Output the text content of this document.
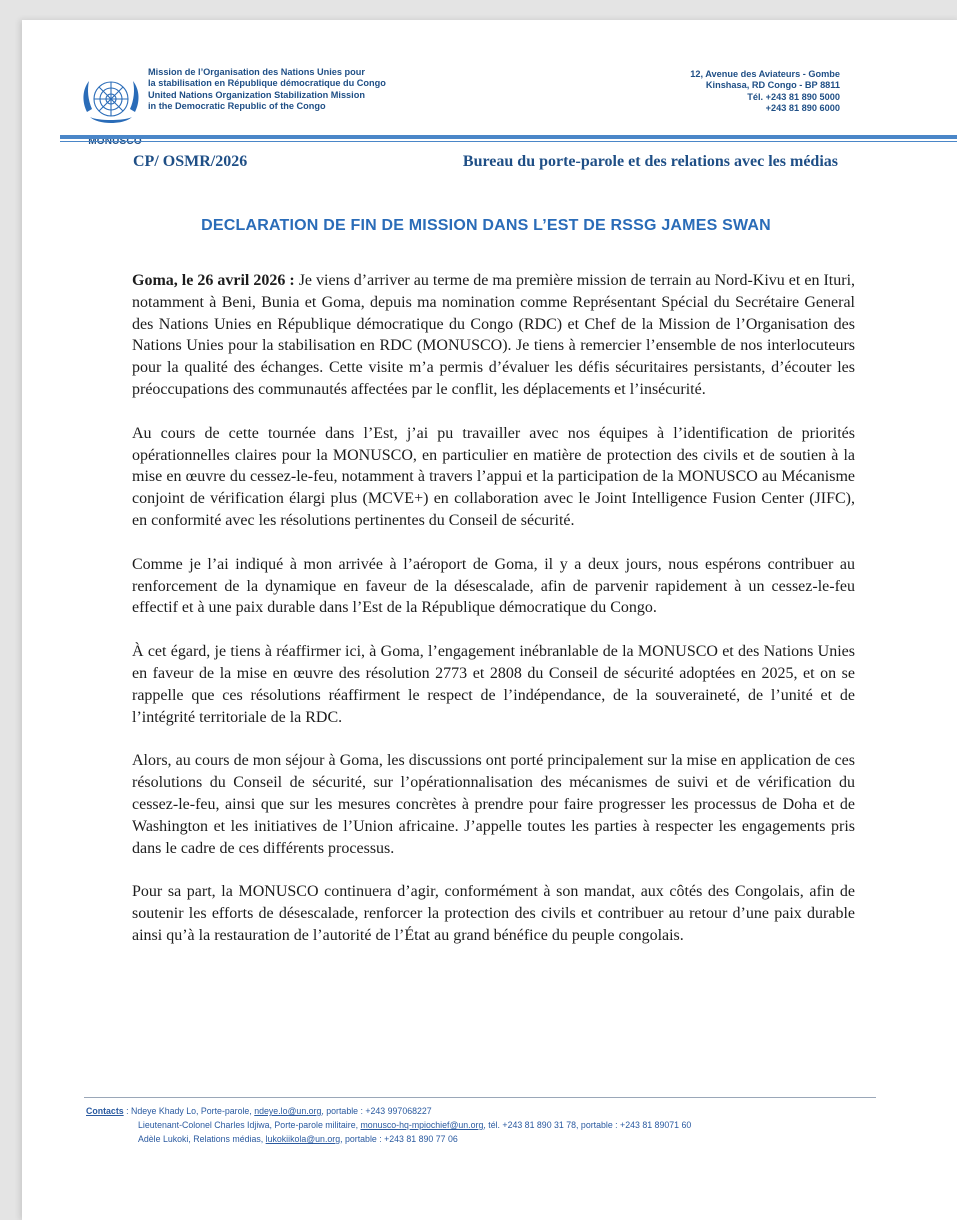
Mission de l’Organisation des Nations Unies pour
la stabilisation en République démocratique du Congo
United Nations Organization Stabilization Mission
in the Democratic Republic of the Congo
12, Avenue des Aviateurs - Gombe
Kinshasa, RD Congo - BP 8811
Tél. +243 81 890 5000
+243 81 890 6000
CP/ OSMR/2026	Bureau du porte-parole et des relations avec les médias
DECLARATION DE FIN DE MISSION DANS L’EST DE RSSG JAMES SWAN

Goma, le 26 avril 2026 : Je viens d’arriver au terme de ma première mission de terrain au Nord-Kivu et en Ituri, notamment à Beni, Bunia et Goma, depuis ma nomination comme Représentant Spécial du Secrétaire General des Nations Unies en République démocratique du Congo (RDC) et Chef de la Mission de l’Organisation des Nations Unies pour la stabilisation en RDC (MONUSCO). Je tiens à remercier l’ensemble de nos interlocuteurs pour la qualité des échanges. Cette visite m’a permis d’évaluer les défis sécuritaires persistants, d’écouter les préoccupations des communautés affectées par le conflit, les déplacements et l’insécurité.

Au cours de cette tournée dans l’Est, j’ai pu travailler avec nos équipes à l’identification de priorités opérationnelles claires pour la MONUSCO, en particulier en matière de protection des civils et de soutien à la mise en œuvre du cessez-le-feu, notamment à travers l’appui et la participation de la MONUSCO au Mécanisme conjoint de vérification élargi plus (MCVE+) en collaboration avec le Joint Intelligence Fusion Center (JIFC), en conformité avec les résolutions pertinentes du Conseil de sécurité.

Comme je l’ai indiqué à mon arrivée à l’aéroport de Goma, il y a deux jours, nous espérons contribuer au renforcement de la dynamique en faveur de la désescalade, afin de parvenir rapidement à un cessez-le-feu effectif et à une paix durable dans l’Est de la République démocratique du Congo.

À cet égard, je tiens à réaffirmer ici, à Goma, l’engagement inébranlable de la MONUSCO et des Nations Unies en faveur de la mise en œuvre des résolution 2773 et 2808 du Conseil de sécurité adoptées en 2025, et on se rappelle que ces résolutions réaffirment le respect de l’indépendance, de la souveraineté, de l’unité et de l’intégrité territoriale de la RDC.

Alors, au cours de mon séjour à Goma, les discussions ont porté principalement sur la mise en application de ces résolutions du Conseil de sécurité, sur l’opérationnalisation des mécanismes de suivi et de vérification du cessez-le-feu, ainsi que sur les mesures concrètes à prendre pour faire progresser les processus de Doha et de Washington et les initiatives de l’Union africaine. J’appelle toutes les parties à respecter les engagements pris dans le cadre de ces différents processus.

Pour sa part, la MONUSCO continuera d’agir, conformément à son mandat, aux côtés des Congolais, afin de soutenir les efforts de désescalade, renforcer la protection des civils et contribuer au retour d’une paix durable ainsi qu’à la restauration de l’autorité de l’État au grand bénéfice du peuple congolais.

Contacts : Ndeye Khady Lo, Porte-parole, ndeye.lo@un.org, portable : +243 997068227
Lieutenant-Colonel Charles Idjiwa, Porte-parole militaire, monusco-hq-mpiochief@un.org, tél. +243 81 890 31 78, portable : +243 81 89071 60
Adèle Lukoki, Relations médias, lukokiikola@un.org, portable : +243 81 890 77 06
